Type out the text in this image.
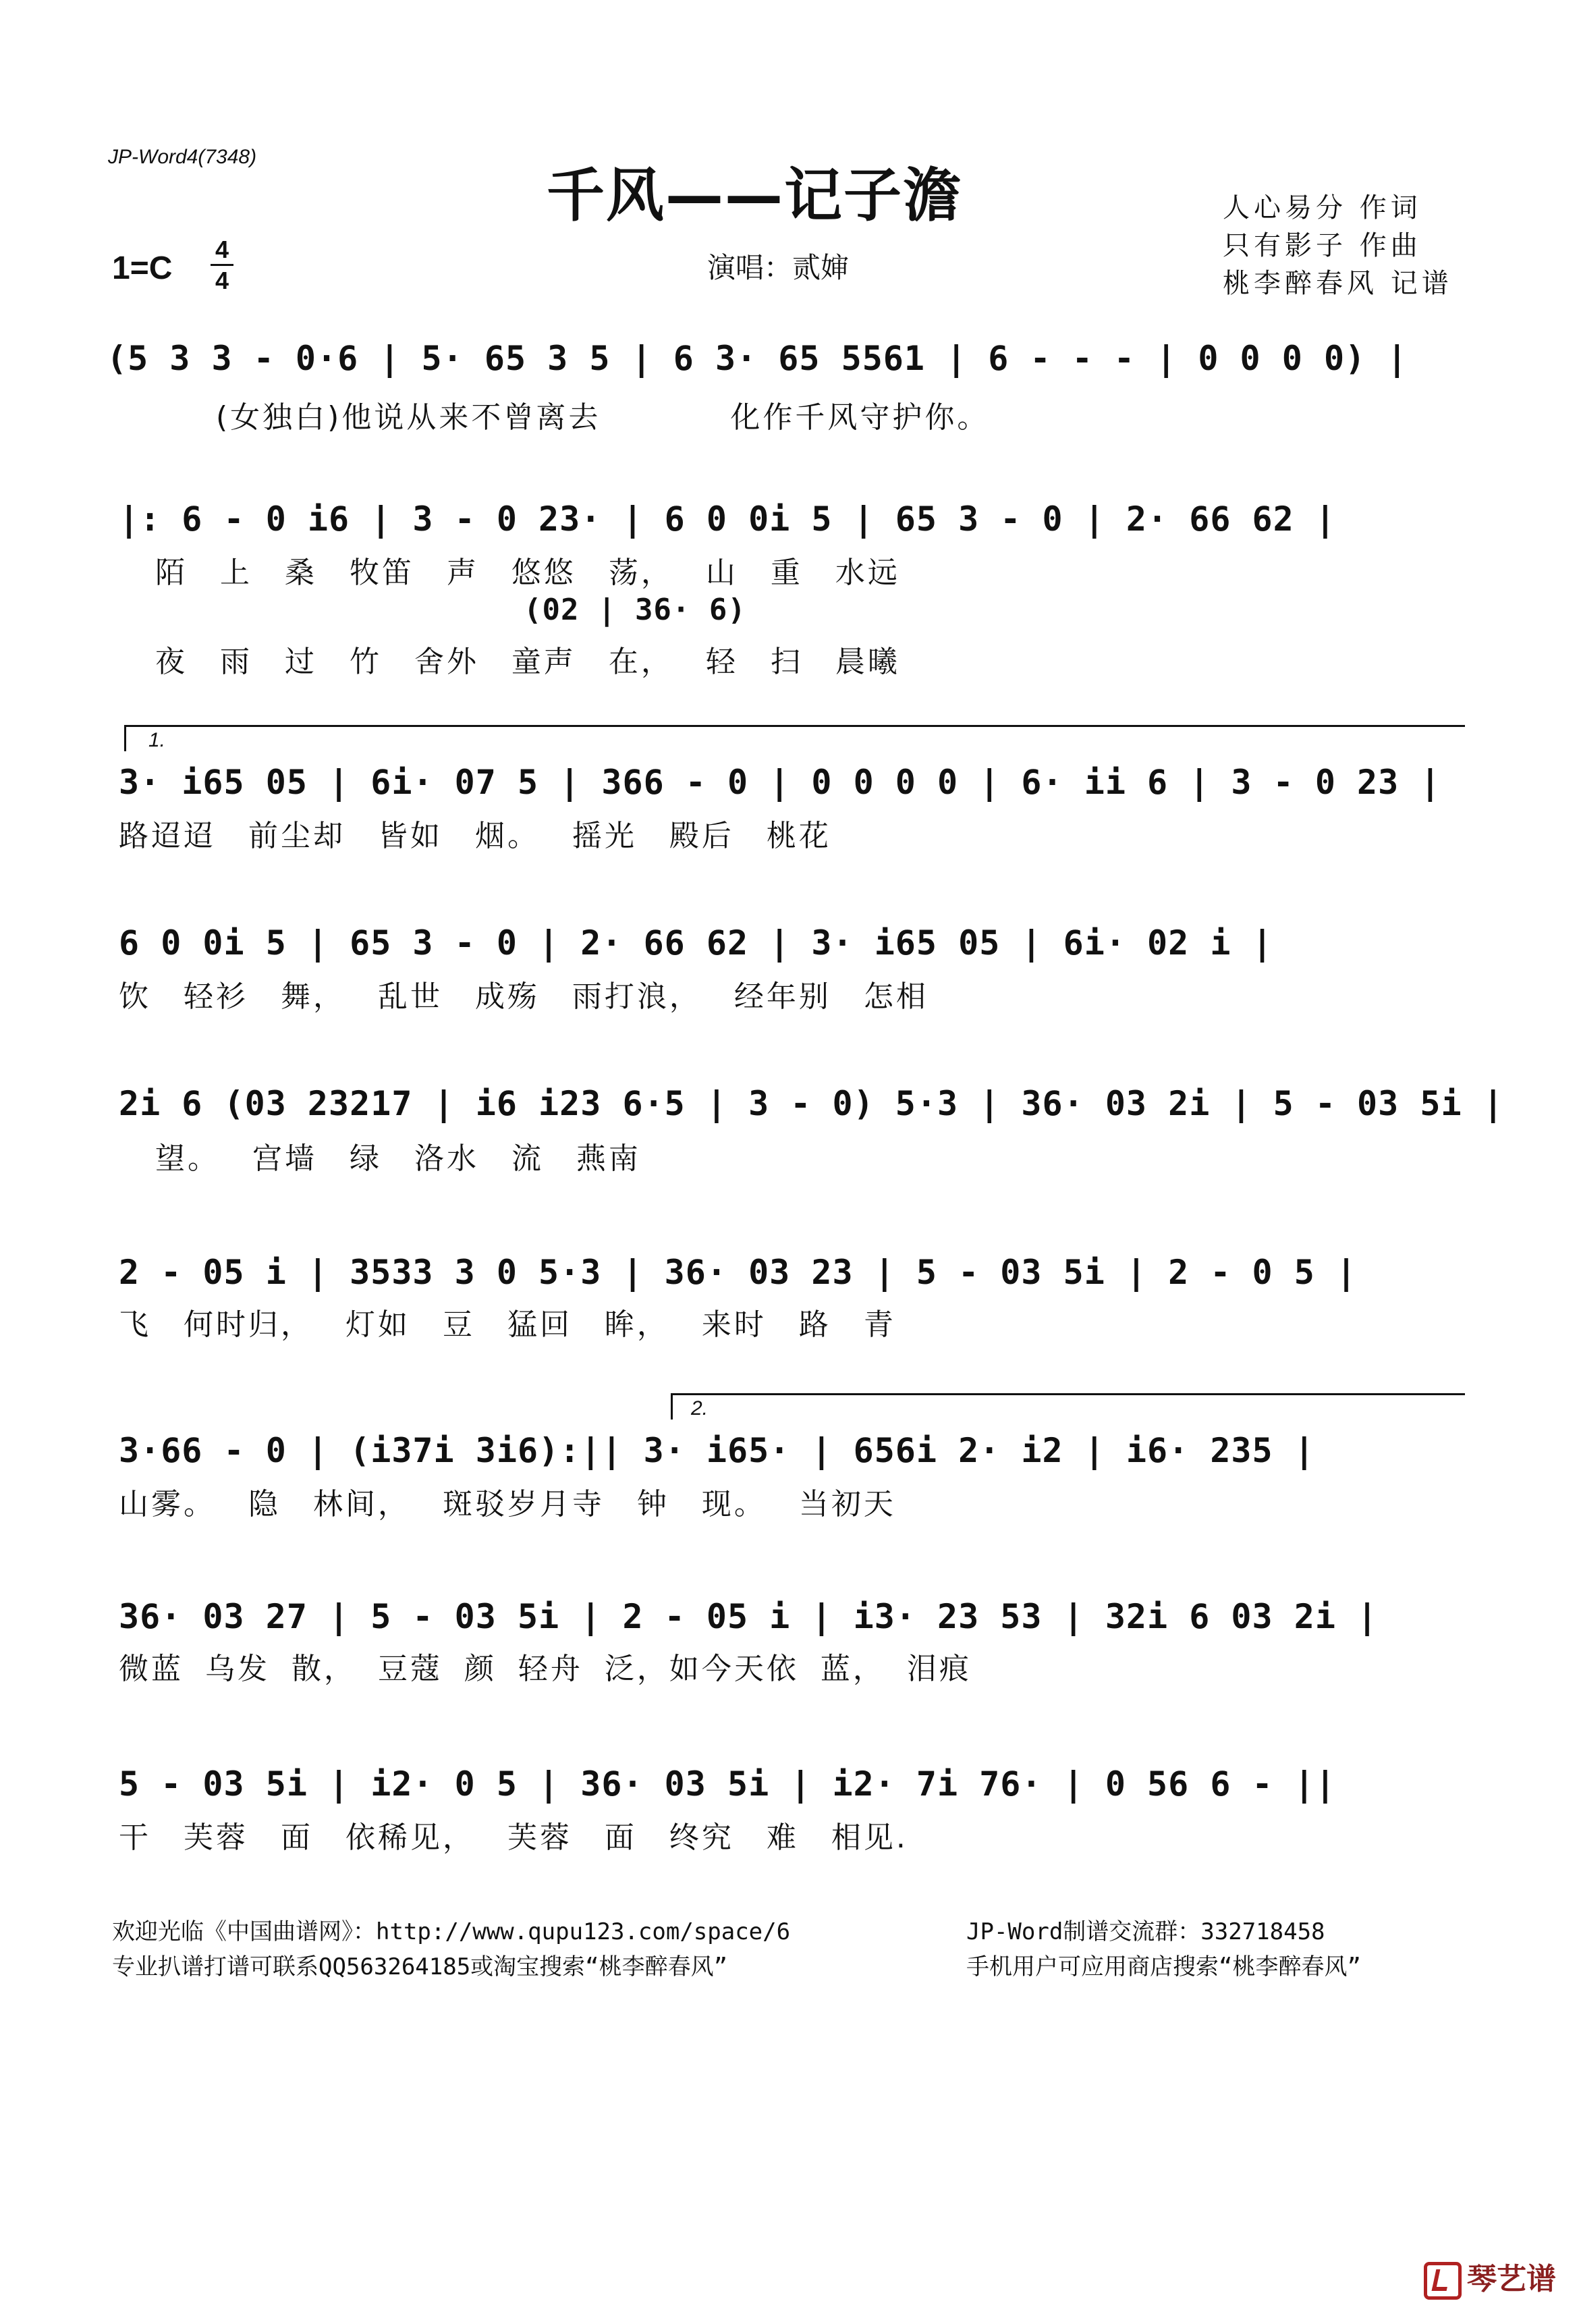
JP-Word4(7348)
千风——记子澹
1=C
4
4	演唱：贰婶
人心易分 作词
只有影子 作曲
桃李醉春风 记谱
(5 3 3 - 0·6 | 5· 65 3 5 | 6 3· 65 5561 | 6 - - - | 0 0 0 0) |
(女独白)他说从来不曾离去　　　　化作千风守护你。
|: 6 - 0 i6 | 3 - 0 23· | 6 0 0i 5 | 65 3 - 0 | 2· 66 62 |
陌 上 桑 牧笛 声 悠悠 荡， 山 重 水远
(02 | 36· 6)
夜 雨 过 竹 舍外 童声 在， 轻 扫 晨曦
1.
3· i65 05 | 6i· 07 5 | 366 - 0 | 0 0 0 0 | 6· ii 6 | 3 - 0 23 |
路迢迢 前尘却 皆如 烟。 摇光 殿后 桃花
6 0 0i 5 | 65 3 - 0 | 2· 66 62 | 3· i65 05 | 6i· 02 i |
饮 轻衫 舞， 乱世 成殇 雨打浪， 经年别 怎相
2i 6 (03 23217 | i6 i23 6·5 | 3 - 0) 5·3 | 36· 03 2i | 5 - 03 5i |
望。 宫墙 绿 洛水 流 燕南
2 - 05 i | 3533 3 0 5·3 | 36· 03 23 | 5 - 03 5i | 2 - 0 5 |
飞 何时归， 灯如 豆 猛回 眸， 来时 路 青
2.
3·66 - 0 | (i37i 3i6):|| 3· i65· | 656i 2· i2 | i6· 235 |
山雾。 隐 林间， 斑驳岁月寺 钟 现。 当初天
36· 03 27 | 5 - 03 5i | 2 - 05 i | i3· 23 53 | 32i 6 03 2i |
微蓝 乌发 散， 豆蔻 颜 轻舟 泛，如今天依 蓝， 泪痕
5 - 03 5i | i2· 0 5 | 36· 03 5i | i2· 7i 76· | 0 56 6 - ||
干 芙蓉 面 依稀见， 芙蓉 面 终究 难 相见.
欢迎光临《中国曲谱网》：http://www.qupu123.com/space/6
专业扒谱打谱可联系QQ563264185或淘宝搜索“桃李醉春风”
JP-Word制谱交流群：332718458
手机用户可应用商店搜索“桃李醉春风”
琴艺谱
